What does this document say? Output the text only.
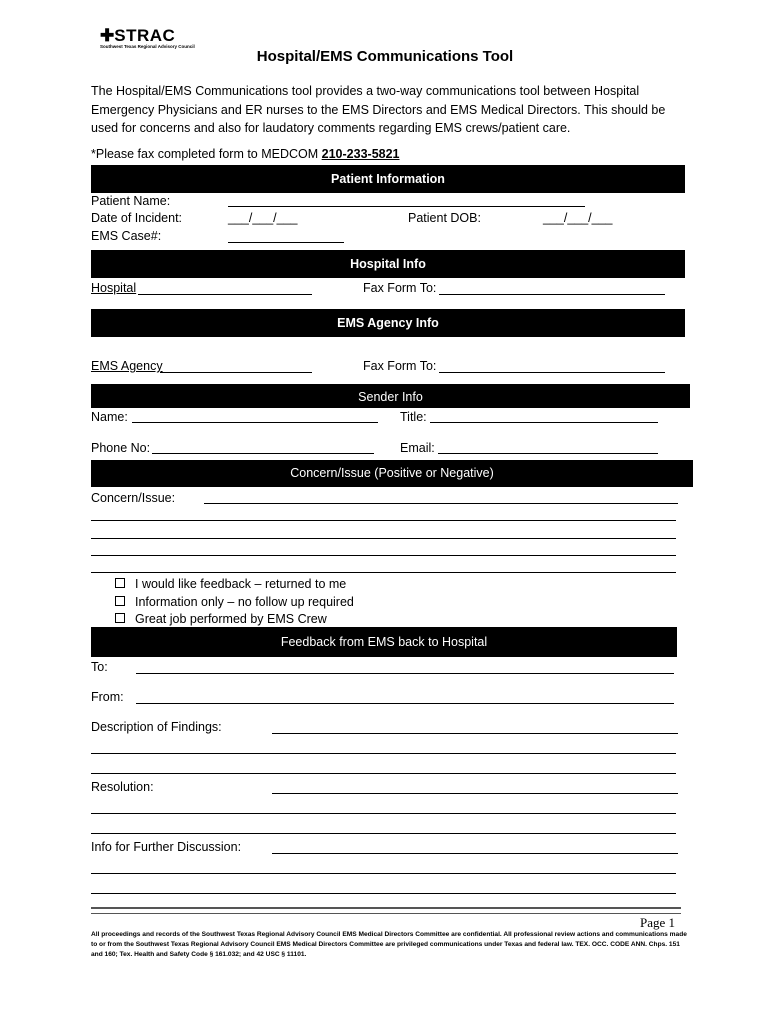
✚STRAC
Southwest Texas Regional Advisory Council
Hospital/EMS Communications Tool
The Hospital/EMS Communications tool provides a two-way communications tool between Hospital Emergency Physicians and ER nurses to the EMS Directors and EMS Medical Directors. This should be used for concerns and also for laudatory comments regarding EMS crews/patient care.
*Please fax completed form to MEDCOM 210-233-5821
Patient Information
Patient Name:
Date of Incident:	___/___/___	Patient DOB:	___/___/___
EMS Case#:
Hospital Info
Hospital	Fax Form To:
EMS Agency Info
EMS Agency	Fax Form To:
Sender Info
Name:	Title:
Phone No:	Email:
Concern/Issue (Positive or Negative)
Concern/Issue:
I would like feedback – returned to me
Information only – no follow up required
Great job performed by EMS Crew
Feedback from EMS back to Hospital
To:
From:
Description of Findings:
Resolution:
Info for Further Discussion:
Page 1
All proceedings and records of the Southwest Texas Regional Advisory Council EMS Medical Directors Committee are confidential. All professional review actions and communications made to or from the Southwest Texas Regional Advisory Council EMS Medical Directors Committee are privileged communications under Texas and federal law. TEX. OCC. CODE ANN. Chps. 151 and 160; Tex. Health and Safety Code § 161.032; and 42 USC § 11101.
